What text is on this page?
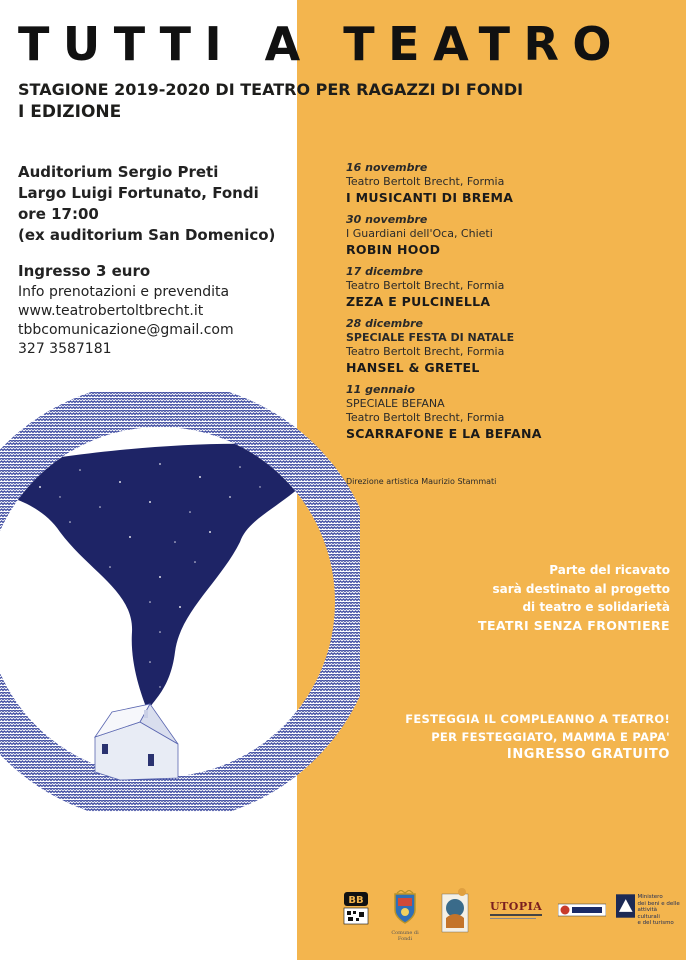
TUTTI A TEATRO
STAGIONE 2019-2020 DI TEATRO PER RAGAZZI DI FONDI
I EDIZIONE
Auditorium Sergio Preti
Largo Luigi Fortunato, Fondi
ore 17:00
(ex auditorium San Domenico)
Ingresso 3 euro
Info prenotazioni e prevendita
www.teatrobertoltbrecht.it
tbbcomunicazione@gmail.com
327 3587181
16 novembre
Teatro Bertolt Brecht, Formia
I MUSICANTI DI BREMA
30 novembre
I Guardiani dell'Oca, Chieti
ROBIN HOOD
17 dicembre
Teatro Bertolt Brecht, Formia
ZEZA E PULCINELLA
28 dicembre
SPECIALE FESTA DI NATALE
Teatro Bertolt Brecht, Formia
HANSEL & GRETEL
11 gennaio
SPECIALE BEFANA
Teatro Bertolt Brecht, Formia
SCARRAFONE E LA BEFANA
Direzione artistica Maurizio Stammati
Parte del ricavato
sarà destinato al progetto
di teatro e solidarietà
TEATRI SENZA FRONTIERE
FESTEGGIA IL COMPLEANNO A TEATRO!
PER FESTEGGIATO, MAMMA E PAPA'
INGRESSO GRATUITO
BB
Comune di Fondi
UTOPIA
Ministero
dei beni e delle
attività culturali
e del turismo
